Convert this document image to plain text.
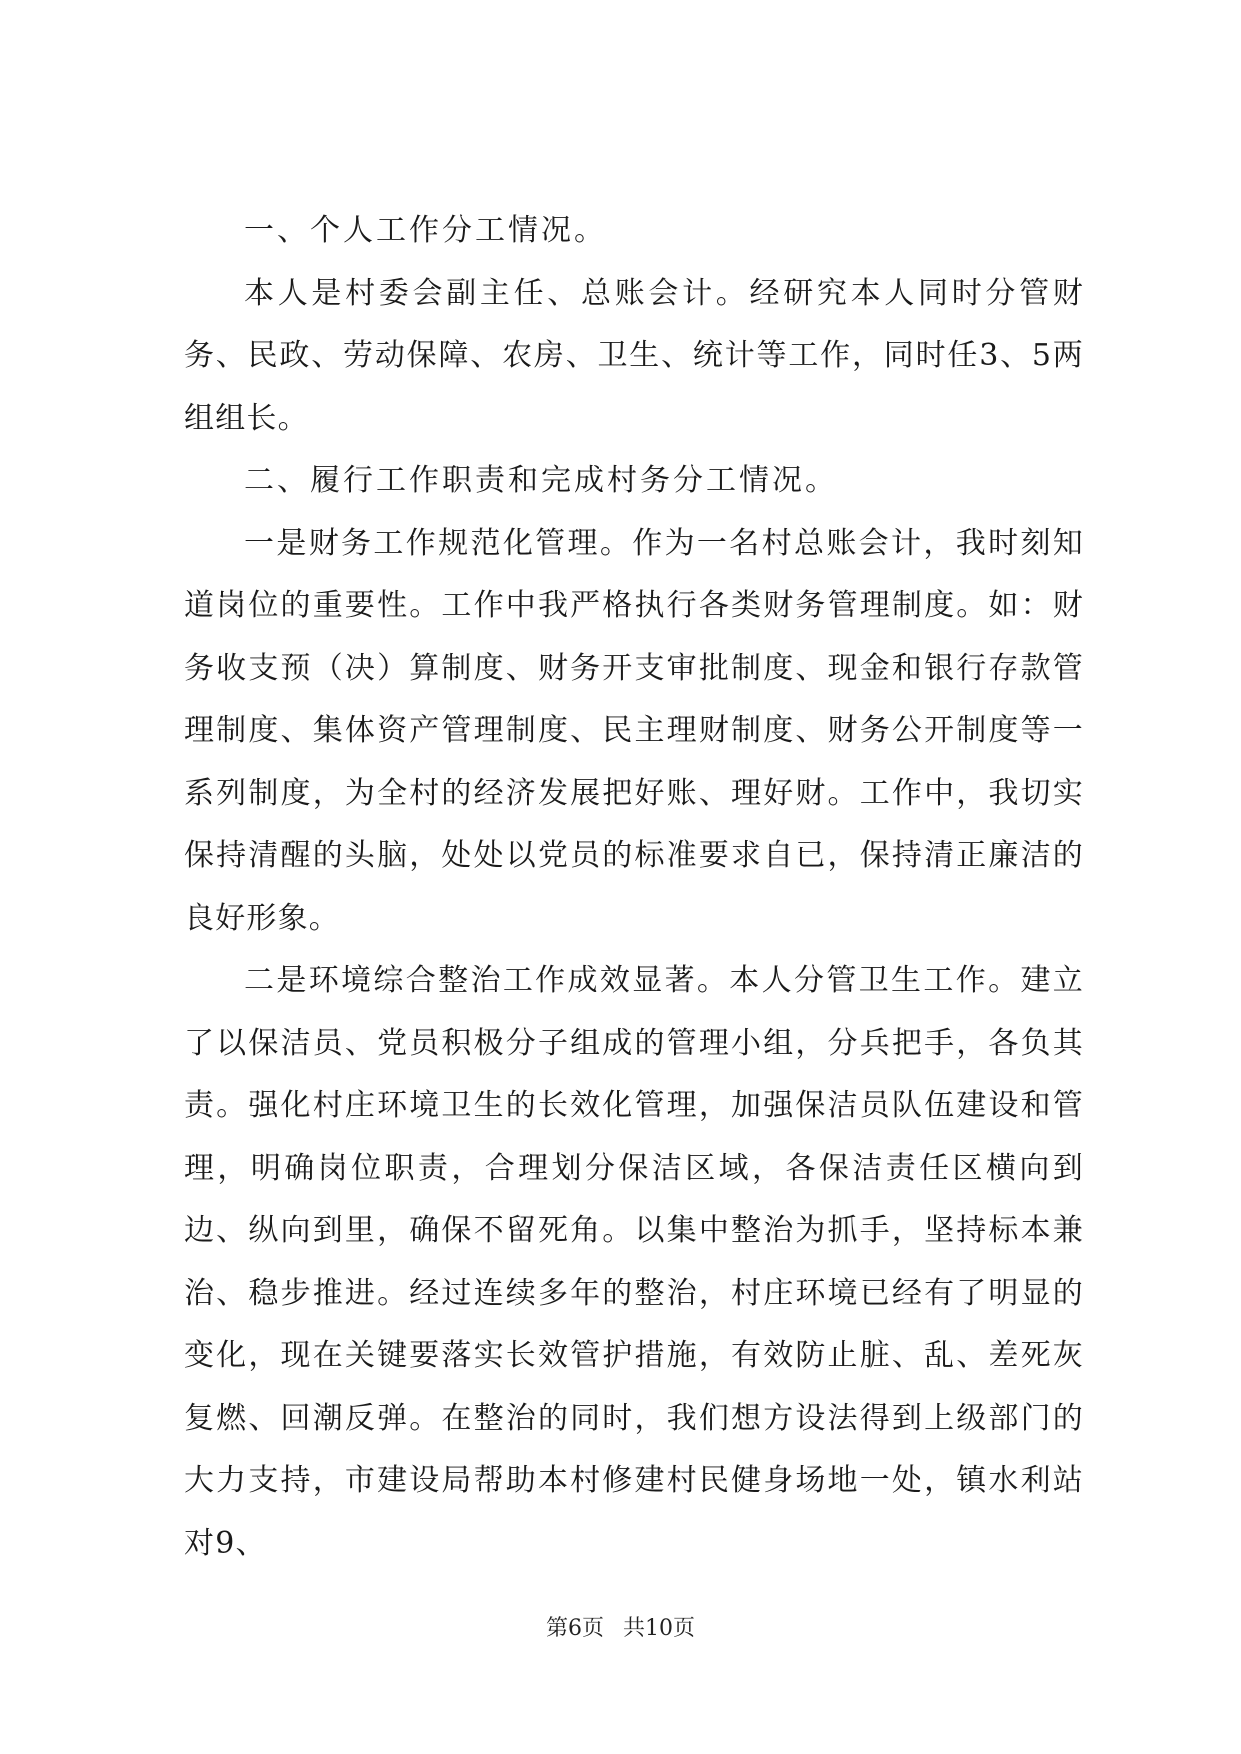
一、个人工作分工情况。

本人是村委会副主任、总账会计。经研究本人同时分管财务、民政、劳动保障、农房、卫生、统计等工作，同时任3、5两组组长。

二、履行工作职责和完成村务分工情况。

一是财务工作规范化管理。作为一名村总账会计，我时刻知道岗位的重要性。工作中我严格执行各类财务管理制度。如：财务收支预（决）算制度、财务开支审批制度、现金和银行存款管理制度、集体资产管理制度、民主理财制度、财务公开制度等一系列制度，为全村的经济发展把好账、理好财。工作中，我切实保持清醒的头脑，处处以党员的标准要求自已，保持清正廉洁的良好形象。

二是环境综合整治工作成效显著。本人分管卫生工作。建立了以保洁员、党员积极分子组成的管理小组，分兵把手，各负其责。强化村庄环境卫生的长效化管理，加强保洁员队伍建设和管理，明确岗位职责，合理划分保洁区域，各保洁责任区横向到边、纵向到里，确保不留死角。以集中整治为抓手，坚持标本兼治、稳步推进。经过连续多年的整治，村庄环境已经有了明显的变化，现在关键要落实长效管护措施，有效防止脏、乱、差死灰复燃、回潮反弹。在整治的同时，我们想方设法得到上级部门的大力支持，市建设局帮助本村修建村民健身场地一处，镇水利站对9、

第6页 共10页
